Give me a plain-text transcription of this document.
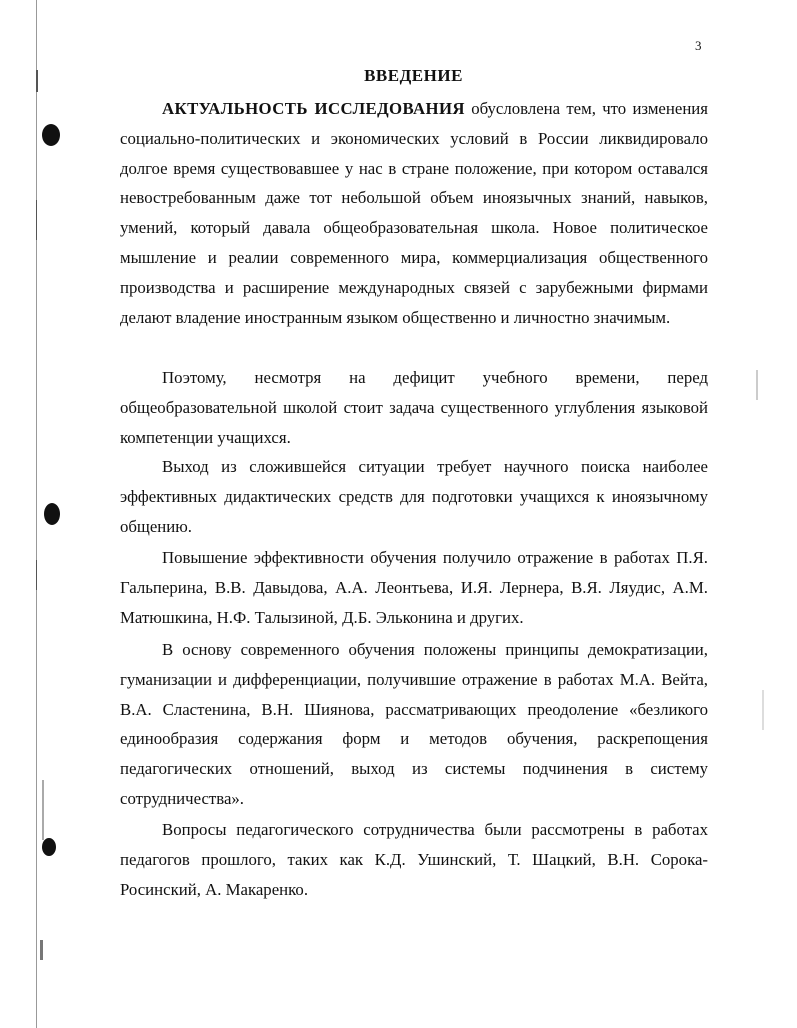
3
ВВЕДЕНИЕ

АКТУАЛЬНОСТЬ ИССЛЕДОВАНИЯ обусловлена тем, что изменения социально-политических и экономических условий в России ликвидировало долгое время существовавшее у нас в стране положение, при котором оставался невостребованным даже тот небольшой объем иноязычных знаний, навыков, умений, который давала общеобразовательная школа. Новое политическое мышление и реалии современного мира, коммерциализация общественного производства и расширение международных связей с зарубежными фирмами делают владение иностранным языком общественно и личностно значимым.

Поэтому, несмотря на дефицит учебного времени, перед общеобразовательной школой стоит задача существенного углубления языковой компетенции учащихся.

Выход из сложившейся ситуации требует научного поиска наиболее эффективных дидактических средств для подготовки учащихся к иноязычному общению.

Повышение эффективности обучения получило отражение в работах П.Я. Гальперина, В.В. Давыдова, А.А. Леонтьева, И.Я. Лернера, В.Я. Ляудис, А.М. Матюшкина, Н.Ф. Талызиной, Д.Б. Эльконина и других.

В основу современного обучения положены принципы демократизации, гуманизации и дифференциации, получившие отражение в работах М.А. Вейта, В.А. Сластенина, В.Н. Шиянова, рассматривающих преодоление «безликого единообразия содержания форм и методов обучения, раскрепощения педагогических отношений, выход из системы подчинения в систему сотрудничества».

Вопросы педагогического сотрудничества были рассмотрены в работах педагогов прошлого, таких как К.Д. Ушинский, Т. Шацкий, В.Н. Сорока-Росинский, А. Макаренко.
